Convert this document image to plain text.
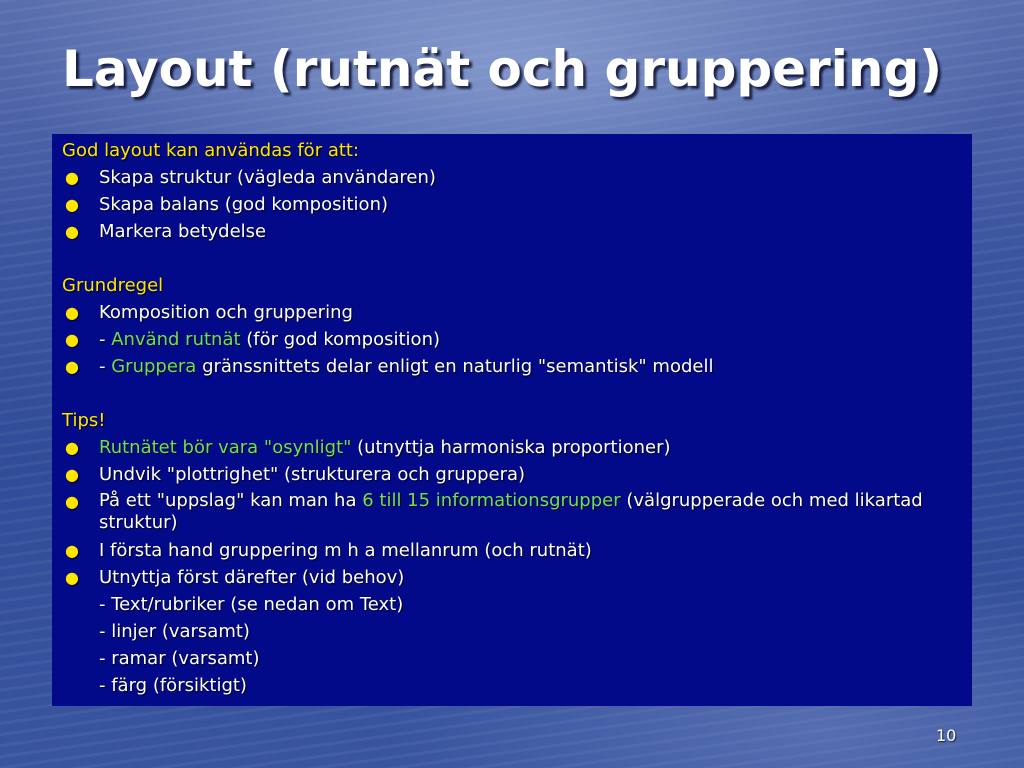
Layout (rutnät och gruppering)
God layout kan användas för att:
●	Skapa struktur (vägleda användaren)
●	Skapa balans (god komposition)
●	Markera betydelse
Grundregel
●	Komposition och gruppering
●	- Använd rutnät (för god komposition)
●	- Gruppera gränssnittets delar enligt en naturlig "semantisk" modell
Tips!
●	Rutnätet bör vara "osynligt" (utnyttja harmoniska proportioner)
●	Undvik "plottrighet" (strukturera och gruppera)
●	På ett "uppslag" kan man ha 6 till 15 informationsgrupper (välgrupperade och med likartad struktur)
●	I första hand gruppering m h a mellanrum (och rutnät)
●	Utnyttja först därefter (vid behov)
- Text/rubriker (se nedan om Text)
- linjer (varsamt)
- ramar (varsamt)
- färg (försiktigt)
10
